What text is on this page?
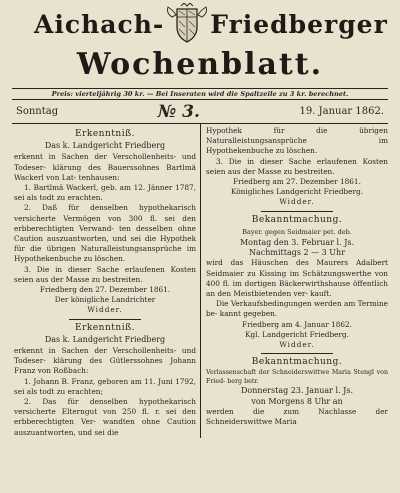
Aichach- Friedberger
Wochenblatt.
Preis: vierteljährig 30 kr. — Bei Inseraten wird die Spaltzeile zu 3 kr. berechnet.
Sonntag	№ 3.	19. Januar 1862.
Erkenntniß.
Das k. Landgericht Friedberg

erkennt in Sachen der Verschollenheits- und Todeser- klärung des Bauerssohnes Bartlmä Wackerl von Lat- tenhausen:

1. Bartlmä Wackerl, geb. am 12. Jänner 1787, sei als todt zu erachten.

2. Daß für denselben hypothekarisch versicherte Vermögen von 300 fl. sei den erbberechtigten Verwand- ten desselben ohne Caution auszuantworten, und sei die Hypothek für die übrigen Naturalleistungsansprüche im Hypothekenbuche zu löschen.

3. Die in dieser Sache erlaufenen Kosten seien aus der Masse zu bestreiten.

Friedberg den 27. Dezember 1861.
Der königliche Landrichter
Widder.
Erkenntniß.
Das k. Landgericht Friedberg

erkennt in Sachen der Verschollenheits- und Todeser- klärung des Gütlerssohnes Johann Franz von Roßbach:

1. Johann B. Franz, geboren am 11. Juni 1792, sei als todt zu erachten;

2. Das für denselben hypothekarisch versicherte Elterngut von 250 fl. r. sei den erbberechtigten Ver- wandten ohne Caution auszuantworten, und sei die

Hypothek für die übrigen Naturalleistungsansprüche im Hypothekenbuche zu löschen.

3. Die in dieser Sache erlaufenen Kosten seien aus der Masse zu bestreiten.

Friedberg am 27. Dezember 1861.
Königliches Landgericht Friedberg.
Widder.
Bekanntmachung.
Bayer. gegen Seidmaier pet. deb.
Montag den 3. Februar l. Js.
Nachmittags 2 — 3 Uhr

wird das Häuschen des Maurers Adalbert Seidmaier zu Kissing im Schätzungswerthe von 400 fl. im dortigen Bäckerwirthshause öffentlich an den Meistbietenden ver- kauft.

Die Verkaufsbedingungen werden am Termine be- kannt gegeben.

Friedberg am 4. Januar 1862.
Kgl. Landgericht Friedberg.
Widder.
Bekanntmachung.

Verlassenschaft der Schneiderswittwe Maria Stengl von Fried- berg betr.

Donnerstag 23. Januar l. Js.
von Morgens 8 Uhr an

werden die zum Nachlasse der Schneiderswittwe Maria
